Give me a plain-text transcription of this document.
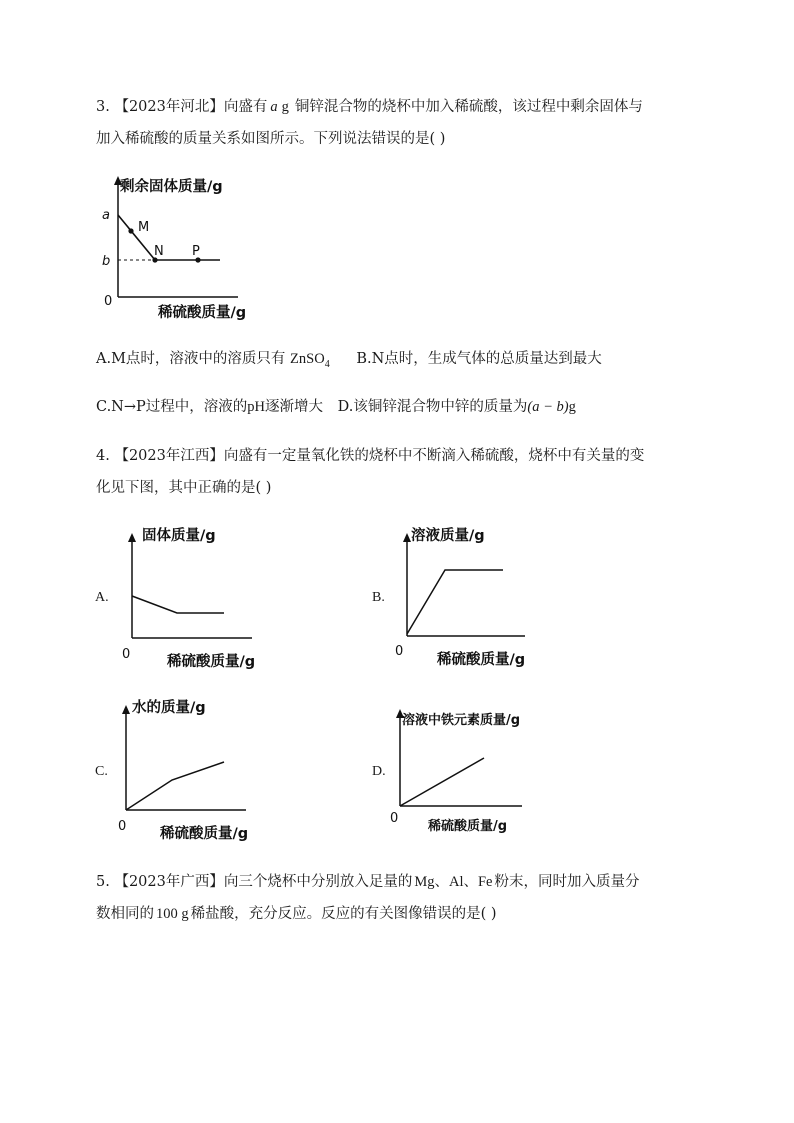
3. 【2023年河北】向盛有 a g 铜锌混合物的烧杯中加入稀硫酸，该过程中剩余固体与
加入稀硫酸的质量关系如图所示。下列说法错误的是( )
剩余固体质量/g
a
b
0
M
N P
稀硫酸质量/g
A.M点时，溶液中的溶质只有 ZnSO$_4$ B.N点时，生成气体的总质量达到最大
C.N→P过程中，溶液的pH逐渐增大 D.该铜锌混合物中锌的质量为(a − b)g
4. 【2023年江西】向盛有一定量氧化铁的烧杯中不断滴入稀硫酸，烧杯中有关量的变
化见下图，其中正确的是( )
A.
固体质量/g
0	稀硫酸质量/g
B.
溶液质量/g
0
稀硫酸质量/g
C.
水的质量/g
0 稀硫酸质量/g
D.
溶液中铁元素质量/g
0
稀硫酸质量/g
5. 【2023年广西】向三个烧杯中分别放入足量的 Mg、Al、Fe 粉末，同时加入质量分
数相同的 100 g 稀盐酸，充分反应。反应的有关图像错误的是( )
